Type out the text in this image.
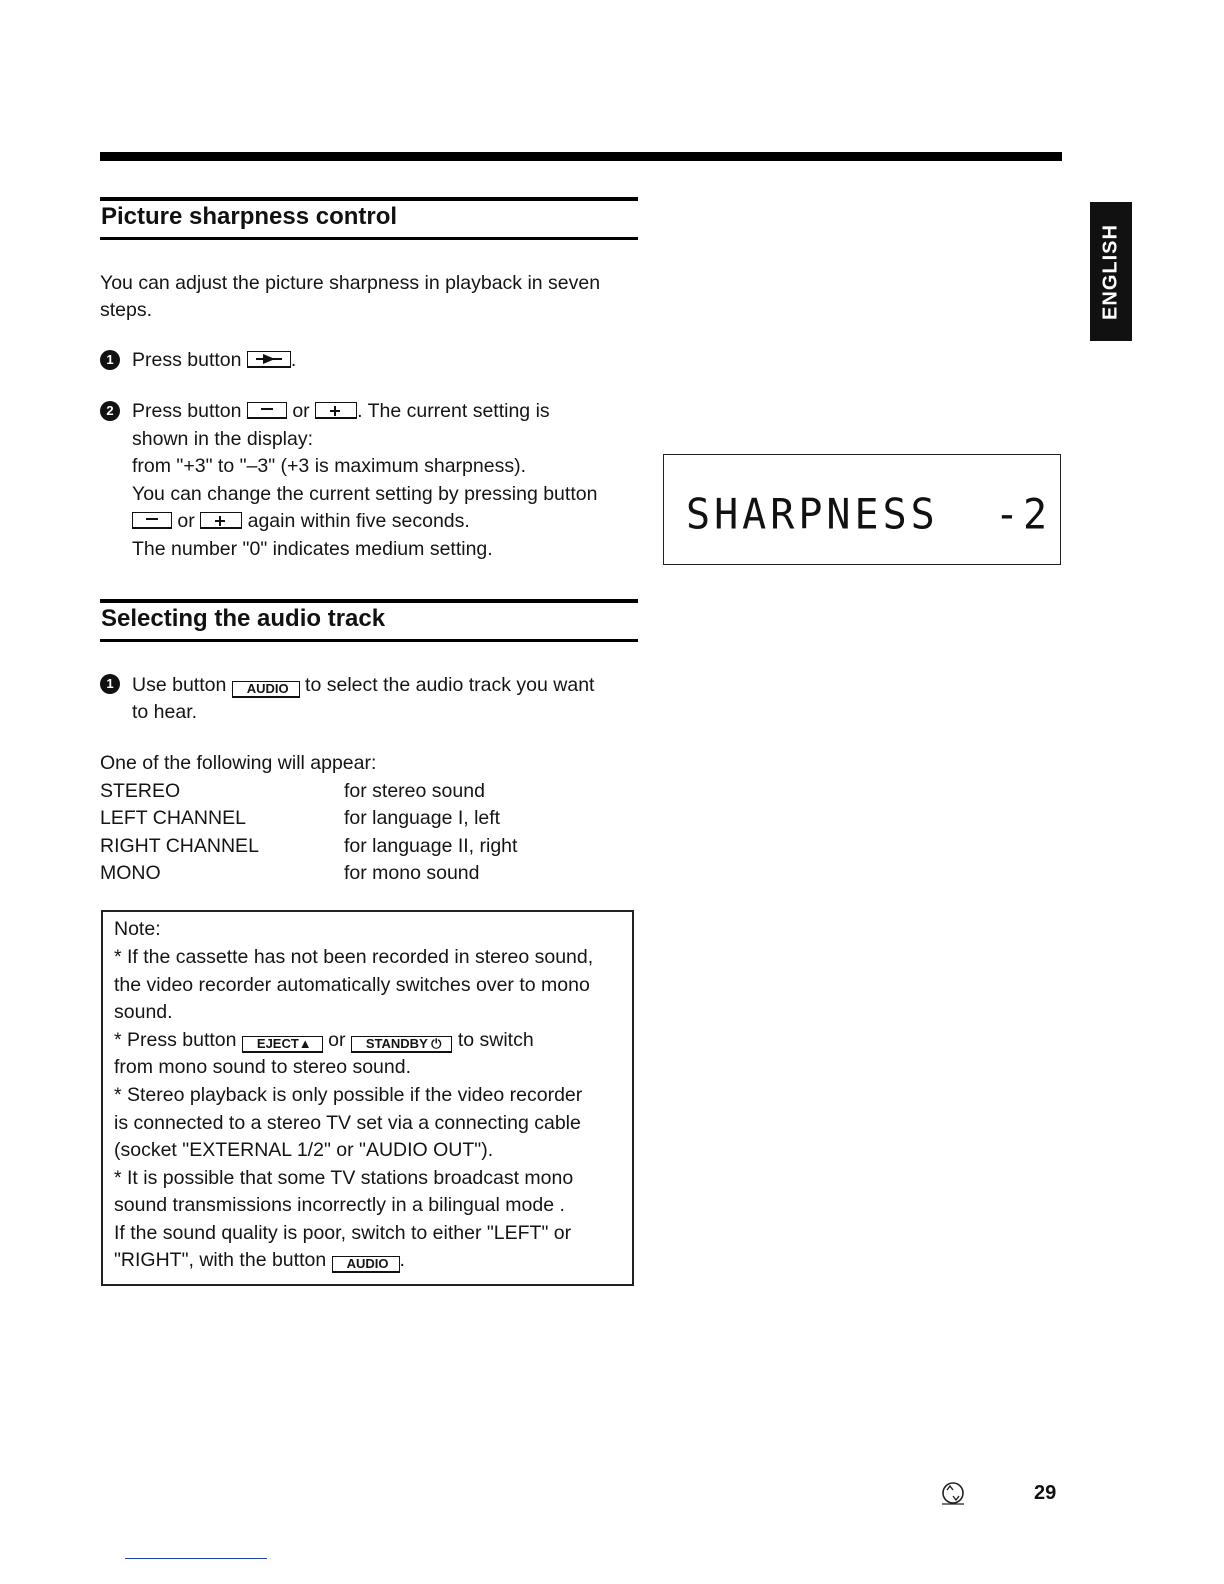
ENGLISH
Picture sharpness control
You can adjust the picture sharpness in playback in seven
steps.
1 Press button	.
2 Press button	or . The current setting is
shown in the display:
from "+3" to "–3" (+3 is maximum sharpness).
You can change the current setting by pressing button
or	again within five seconds.
The number "0" indicates medium setting.
SHARPNESS  -2
Selecting the audio track
1 Use button AUDIO to select the audio track you want
to hear.
One of the following will appear:
STEREO	for stereo sound
LEFT CHANNEL	for language I, left
RIGHT CHANNEL	for language II, right
MONO	for mono sound
Note:
* If the cassette has not been recorded in stereo sound,
the video recorder automatically switches over to mono
sound.
* Press button EJECT▲ or STANDBY ⏻ to switch
from mono sound to stereo sound.
* Stereo playback is only possible if the video recorder
is connected to a stereo TV set via a connecting cable
(socket "EXTERNAL 1/2" or "AUDIO OUT").
* It is possible that some TV stations broadcast mono
sound transmissions incorrectly in a bilingual mode .
If the sound quality is poor, switch to either "LEFT" or
"RIGHT", with the button AUDIO .
29
